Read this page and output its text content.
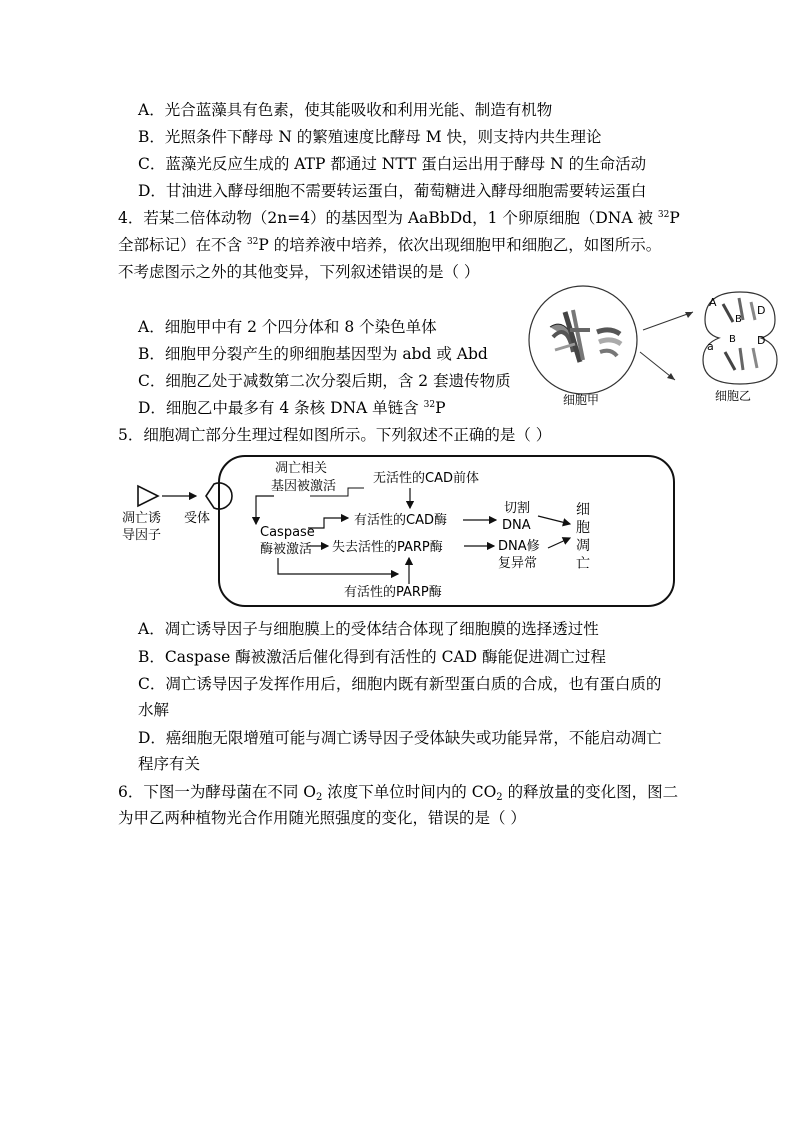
A．光合蓝藻具有色素，使其能吸收和利用光能、制造有机物
B．光照条件下酵母 N 的繁殖速度比酵母 M 快，则支持内共生理论
C．蓝藻光反应生成的 ATP 都通过 NTT 蛋白运出用于酵母 N 的生命活动
D．甘油进入酵母细胞不需要转运蛋白，葡萄糖进入酵母细胞需要转运蛋白
4．若某二倍体动物（2n=4）的基因型为 AaBbDd，1 个卵原细胞（DNA 被 $^{32}$P
全部标记）在不含 $^{32}$P 的培养液中培养，依次出现细胞甲和细胞乙，如图所示。
不考虑图示之外的其他变异，下列叙述错误的是（ ）
A．细胞甲中有 2 个四分体和 8 个染色单体
B．细胞甲分裂产生的卵细胞基因型为 abd 或 Abd
C．细胞乙处于减数第二次分裂后期，含 2 套遗传物质
D．细胞乙中最多有 4 条核 DNA 单链含 $^{32}$P	细胞甲
A
B
D
a
B D
细胞乙
5．细胞凋亡部分生理过程如图所示。下列叙述不正确的是（ ）
凋亡诱
导因子
受体
凋亡相关
基因被激活
无活性的CAD前体
Caspase
酶被激活
有活性的CAD酶
切割
DNA
失去活性的PARP酶	DNA修
复异常
有活性的PARP酶
细
胞
凋
亡
A．凋亡诱导因子与细胞膜上的受体结合体现了细胞膜的选择透过性
B．Caspase 酶被激活后催化得到有活性的 CAD 酶能促进凋亡过程
C．凋亡诱导因子发挥作用后，细胞内既有新型蛋白质的合成，也有蛋白质的
水解
D．癌细胞无限增殖可能与凋亡诱导因子受体缺失或功能异常，不能启动凋亡
程序有关
6．下图一为酵母菌在不同 $O_2$ 浓度下单位时间内的 $CO_2$ 的释放量的变化图，图二
为甲乙两种植物光合作用随光照强度的变化，错误的是（ ）
